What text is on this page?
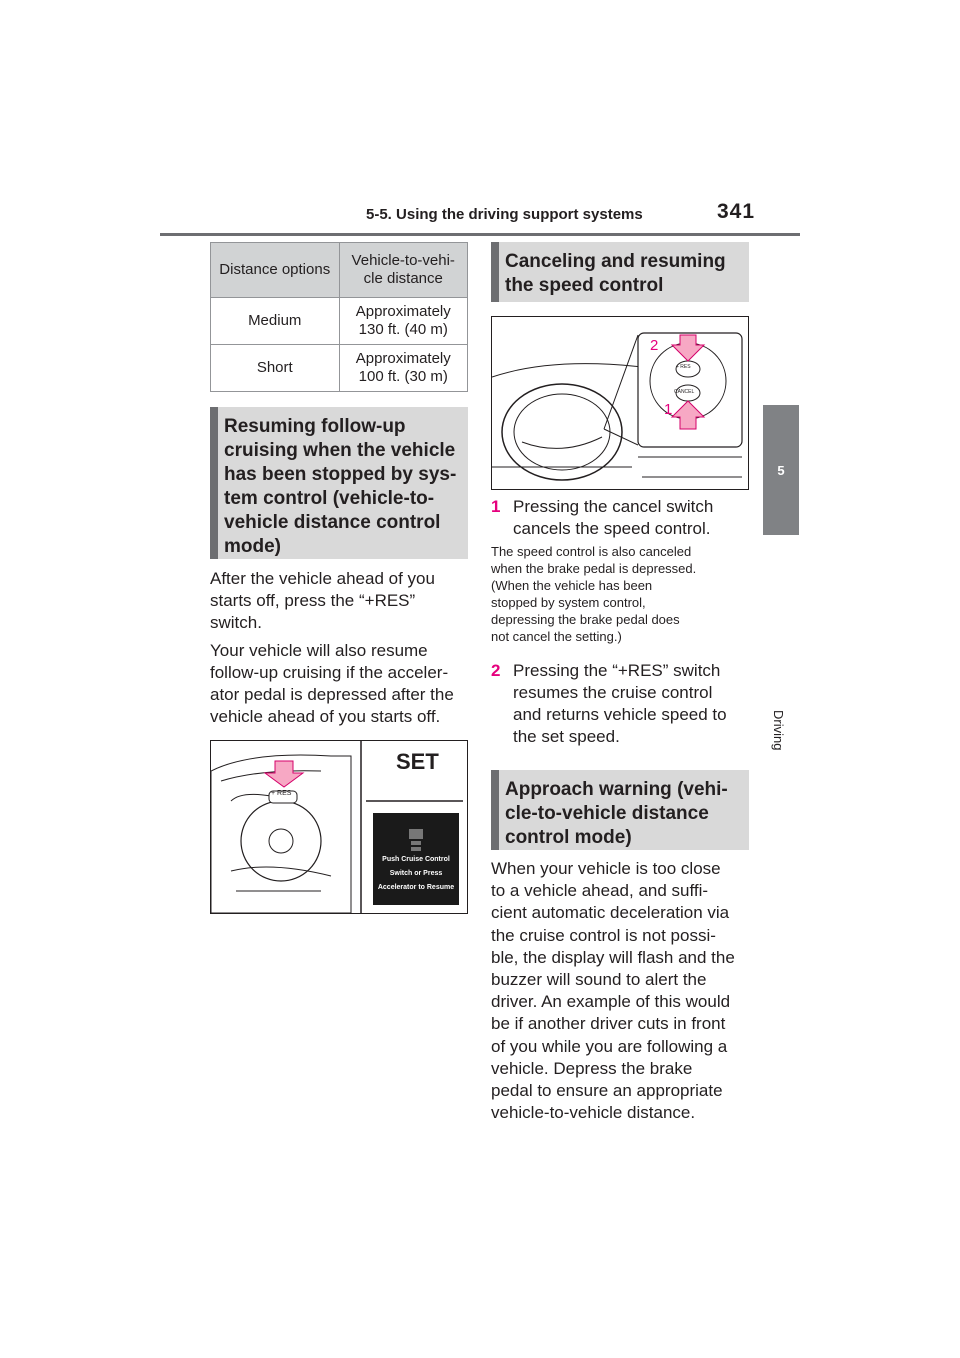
5-5. Using the driving support systems	341
5
Driving
Distance options	Vehicle-to-vehi-
cle distance
Medium	Approximately
130 ft. (40 m)
Short	Approximately
100 ft. (30 m)
Resuming follow-up
cruising when the vehicle
has been stopped by sys-
tem control (vehicle-to-
vehicle distance control
mode)
After the vehicle ahead of you
starts off, press the “+RES”
switch.
Your vehicle will also resume
follow-up cruising if the acceler-
ator pedal is depressed after the
vehicle ahead of you starts off.
+ RES
SET
Push Cruise Control
Switch or Press
Accelerator to Resume
Canceling and resuming
the speed control
2
1
+ RES
CANCEL
1 Pressing the cancel switch
cancels the speed control.
The speed control is also canceled
when the brake pedal is depressed.
(When the vehicle has been
stopped by system control,
depressing the brake pedal does
not cancel the setting.)
2 Pressing the “+RES” switch
resumes the cruise control
and returns vehicle speed to
the set speed.
Approach warning (vehi-
cle-to-vehicle distance
control mode)
When your vehicle is too close
to a vehicle ahead, and suffi-
cient automatic deceleration via
the cruise control is not possi-
ble, the display will flash and the
buzzer will sound to alert the
driver. An example of this would
be if another driver cuts in front
of you while you are following a
vehicle. Depress the brake
pedal to ensure an appropriate
vehicle-to-vehicle distance.
